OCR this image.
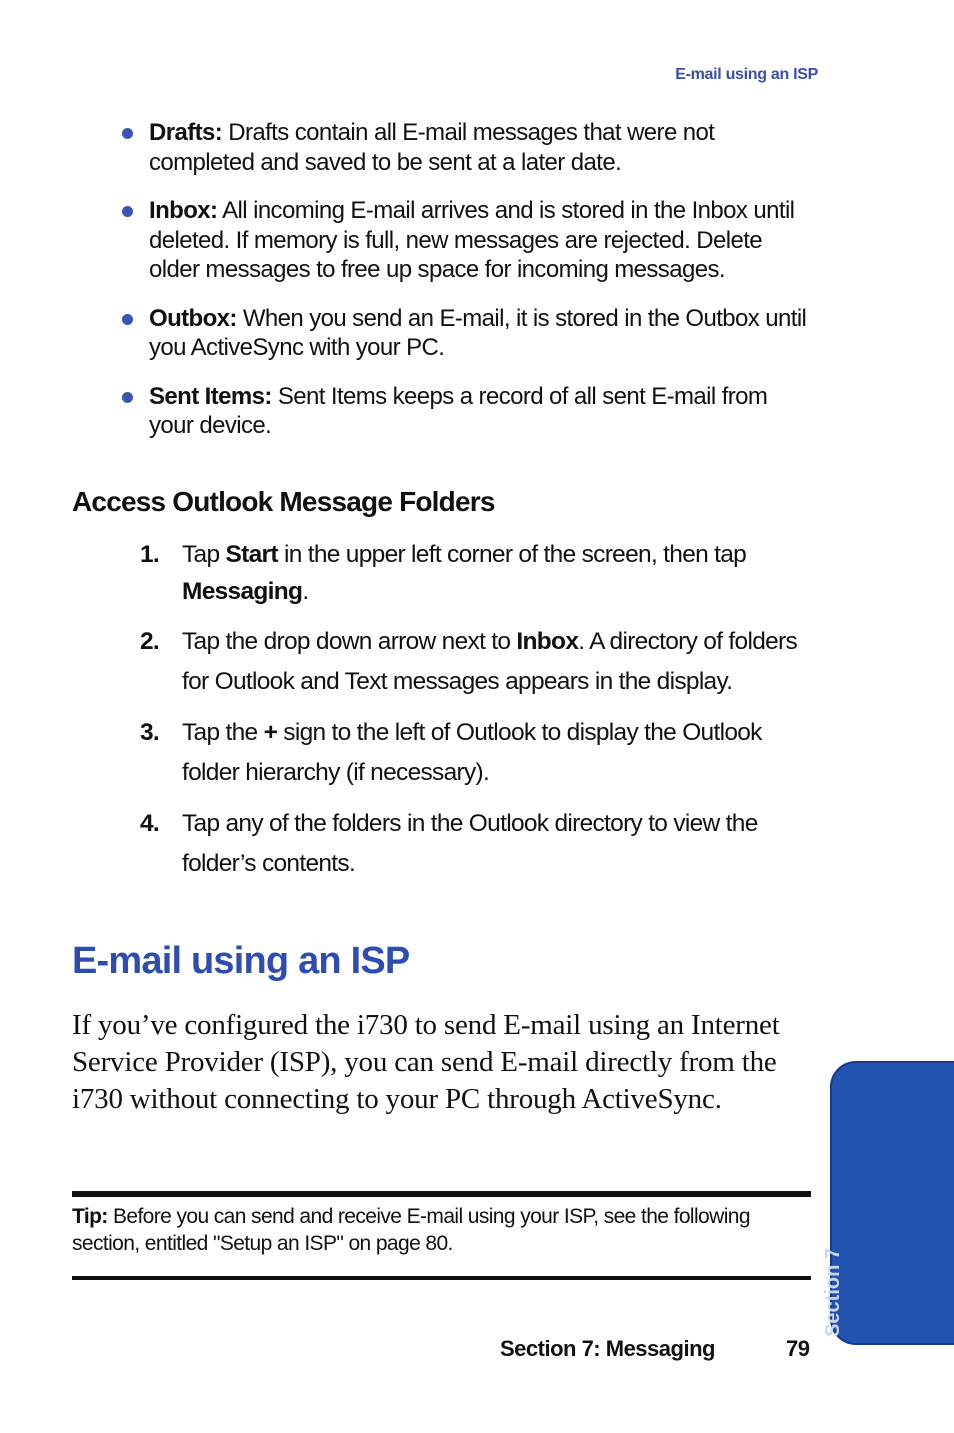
E-mail using an ISP
Drafts: Drafts contain all E-mail messages that were not completed and saved to be sent at a later date.
Inbox: All incoming E-mail arrives and is stored in the Inbox until deleted. If memory is full, new messages are rejected. Delete older messages to free up space for incoming messages.
Outbox: When you send an E-mail, it is stored in the Outbox until you ActiveSync with your PC.
Sent Items: Sent Items keeps a record of all sent E-mail from your device.
Access Outlook Message Folders
1. Tap Start in the upper left corner of the screen, then tap Messaging.
2. Tap the drop down arrow next to Inbox. A directory of folders for Outlook and Text messages appears in the display.
3. Tap the + sign to the left of Outlook to display the Outlook folder hierarchy (if necessary).
4. Tap any of the folders in the Outlook directory to view the folder’s contents.
E-mail using an ISP
If you’ve configured the i730 to send E-mail using an Internet Service Provider (ISP), you can send E-mail directly from the i730 without connecting to your PC through ActiveSync.
Tip: Before you can send and receive E-mail using your ISP, see the following section, entitled "Setup an ISP" on page 80.
Section 7
Section 7: Messaging	79
